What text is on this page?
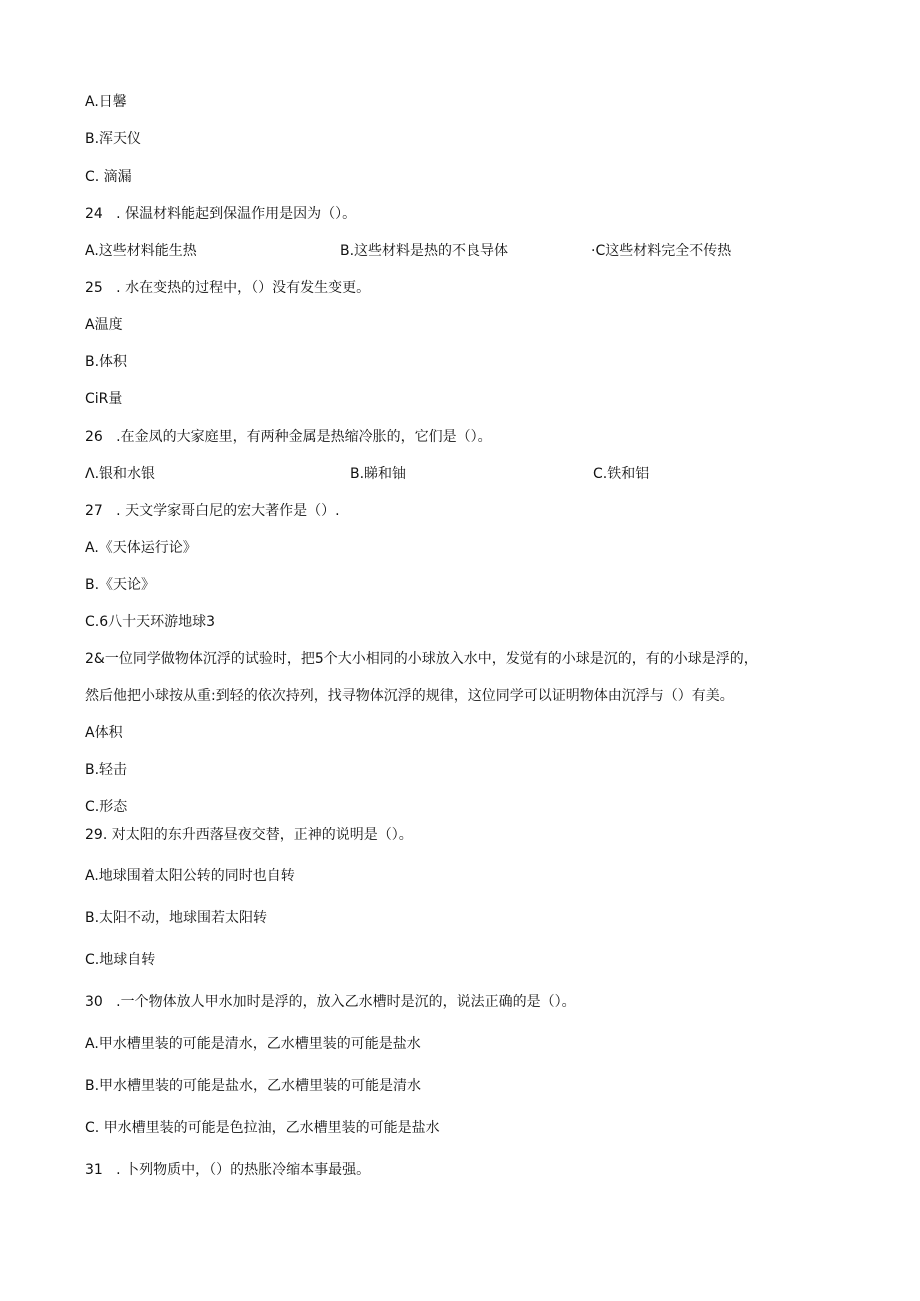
A.日馨
B.浑天仪
C. 滴漏
24   . 保温材料能起到保温作用是因为（）。
A.这些材料能生热	B.这些材料是热的不良导体	·C这些材料完全不传热
25   . 水在变热的过程中，（）没有发生变更。
A温度
B.体积
CiR量
26   .在金凤的大家庭里，有两种金属是热缩冷胀的，它们是（）。
Λ.银和水银	B.睇和铀	C.铁和铝
27   . 天文学家哥白尼的宏大著作是（）.
A.《天体运行论》
B.《天论》
C.6八十天环游地球3
2&一位同学做物体沉浮的试验时，把5个大小相同的小球放入水中，发觉有的小球是沉的，有的小球是浮的，
然后他把小球按从重:到轻的依次持列，找寻物体沉浮的规律，这位同学可以证明物体由沉浮与（）有美。
A体积
B.轻击
C.形态
29. 对太阳的东升西落昼夜交替，正神的说明是（）。
A.地球围着太阳公转的同时也自转
B.太阳不动，地球围若太阳转
C.地球自转
30   .一个物体放人甲水加时是浮的，放入乙水槽时是沉的，说法正确的是（）。
A.甲水槽里装的可能是清水，乙水槽里装的可能是盐水
B.甲水槽里装的可能是盐水，乙水槽里装的可能是清水
C. 甲水槽里装的可能是色拉油，乙水槽里装的可能是盐水
31   . 卜列物质中，（）的热胀冷缩本事最强。
